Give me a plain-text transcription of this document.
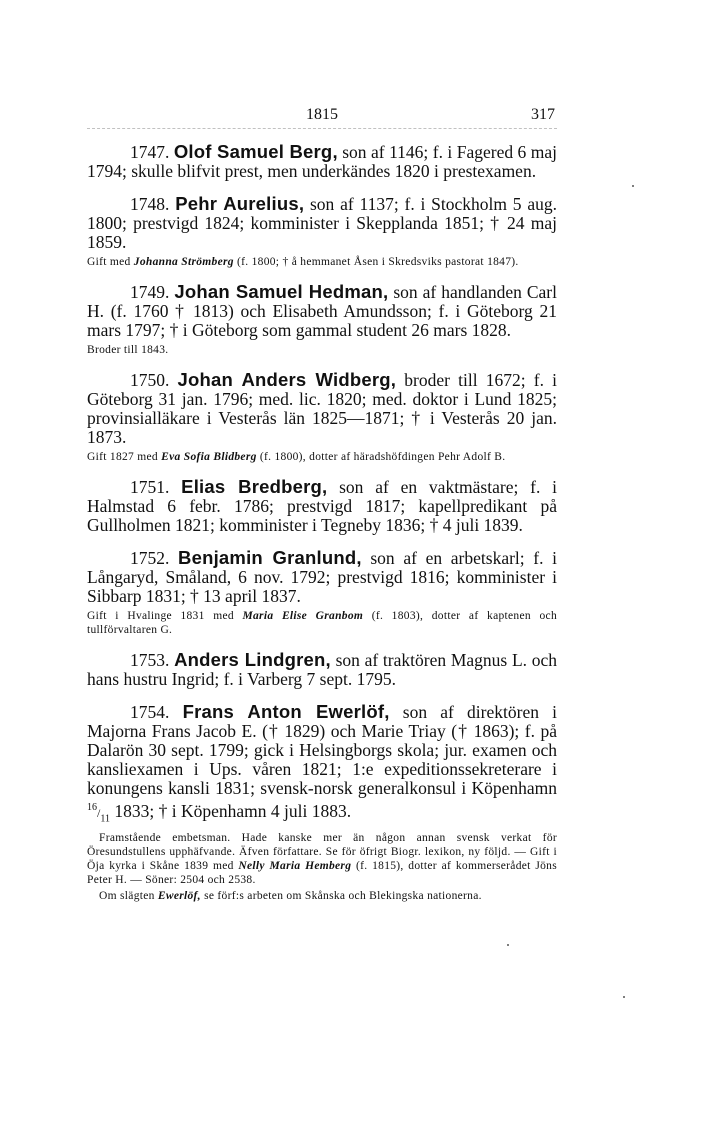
1815	317
1747. Olof Samuel Berg, son af 1146; f. i Fagered 6 maj 1794; skulle blifvit prest, men underkändes 1820 i prestexamen.
1748. Pehr Aurelius, son af 1137; f. i Stockholm 5 aug. 1800; prestvigd 1824; komminister i Skepplanda 1851; † 24 maj 1859.
Gift med Johanna Strömberg (f. 1800; † å hemmanet Åsen i Skredsviks pastorat 1847).
1749. Johan Samuel Hedman, son af handlanden Carl H. (f. 1760 † 1813) och Elisabeth Amundsson; f. i Göteborg 21 mars 1797; † i Göteborg som gammal student 26 mars 1828.
Broder till 1843.
1750. Johan Anders Widberg, broder till 1672; f. i Göteborg 31 jan. 1796; med. lic. 1820; med. doktor i Lund 1825; provinsialläkare i Vesterås län 1825—1871; † i Vesterås 20 jan. 1873.
Gift 1827 med Eva Sofia Blidberg (f. 1800), dotter af häradshöfdingen Pehr Adolf B.
1751. Elias Bredberg, son af en vaktmästare; f. i Halmstad 6 febr. 1786; prestvigd 1817; kapellpredikant på Gullholmen 1821; komminister i Tegneby 1836; † 4 juli 1839.
1752. Benjamin Granlund, son af en arbetskarl; f. i Långaryd, Småland, 6 nov. 1792; prestvigd 1816; komminister i Sibbarp 1831; † 13 april 1837.
Gift i Hvalinge 1831 med Maria Elise Granbom (f. 1803), dotter af kaptenen och tullförvaltaren G.
1753. Anders Lindgren, son af traktören Magnus L. och hans hustru Ingrid; f. i Varberg 7 sept. 1795.
1754. Frans Anton Ewerlöf, son af direktören i Majorna Frans Jacob E. († 1829) och Marie Triay († 1863); f. på Dalarön 30 sept. 1799; gick i Helsingborgs skola; jur. examen och kansliexamen i Ups. våren 1821; 1:e expeditionssekreterare i konungens kansli 1831; svensk-norsk generalkonsul i Köpenhamn $^{16}/_{11}$ 1833; † i Köpenhamn 4 juli 1883.
Framstående embetsman. Hade kanske mer än någon annan svensk verkat för Öresundstullens upphäfvande. Äfven författare. Se för öfrigt Biogr. lexikon, ny följd. — Gift i Öja kyrka i Skåne 1839 med Nelly Maria Hemberg (f. 1815), dotter af kommerserådet Jöns Peter H. — Söner: 2504 och 2538.
Om slägten Ewerlöf, se förf:s arbeten om Skånska och Blekingska nationerna.
